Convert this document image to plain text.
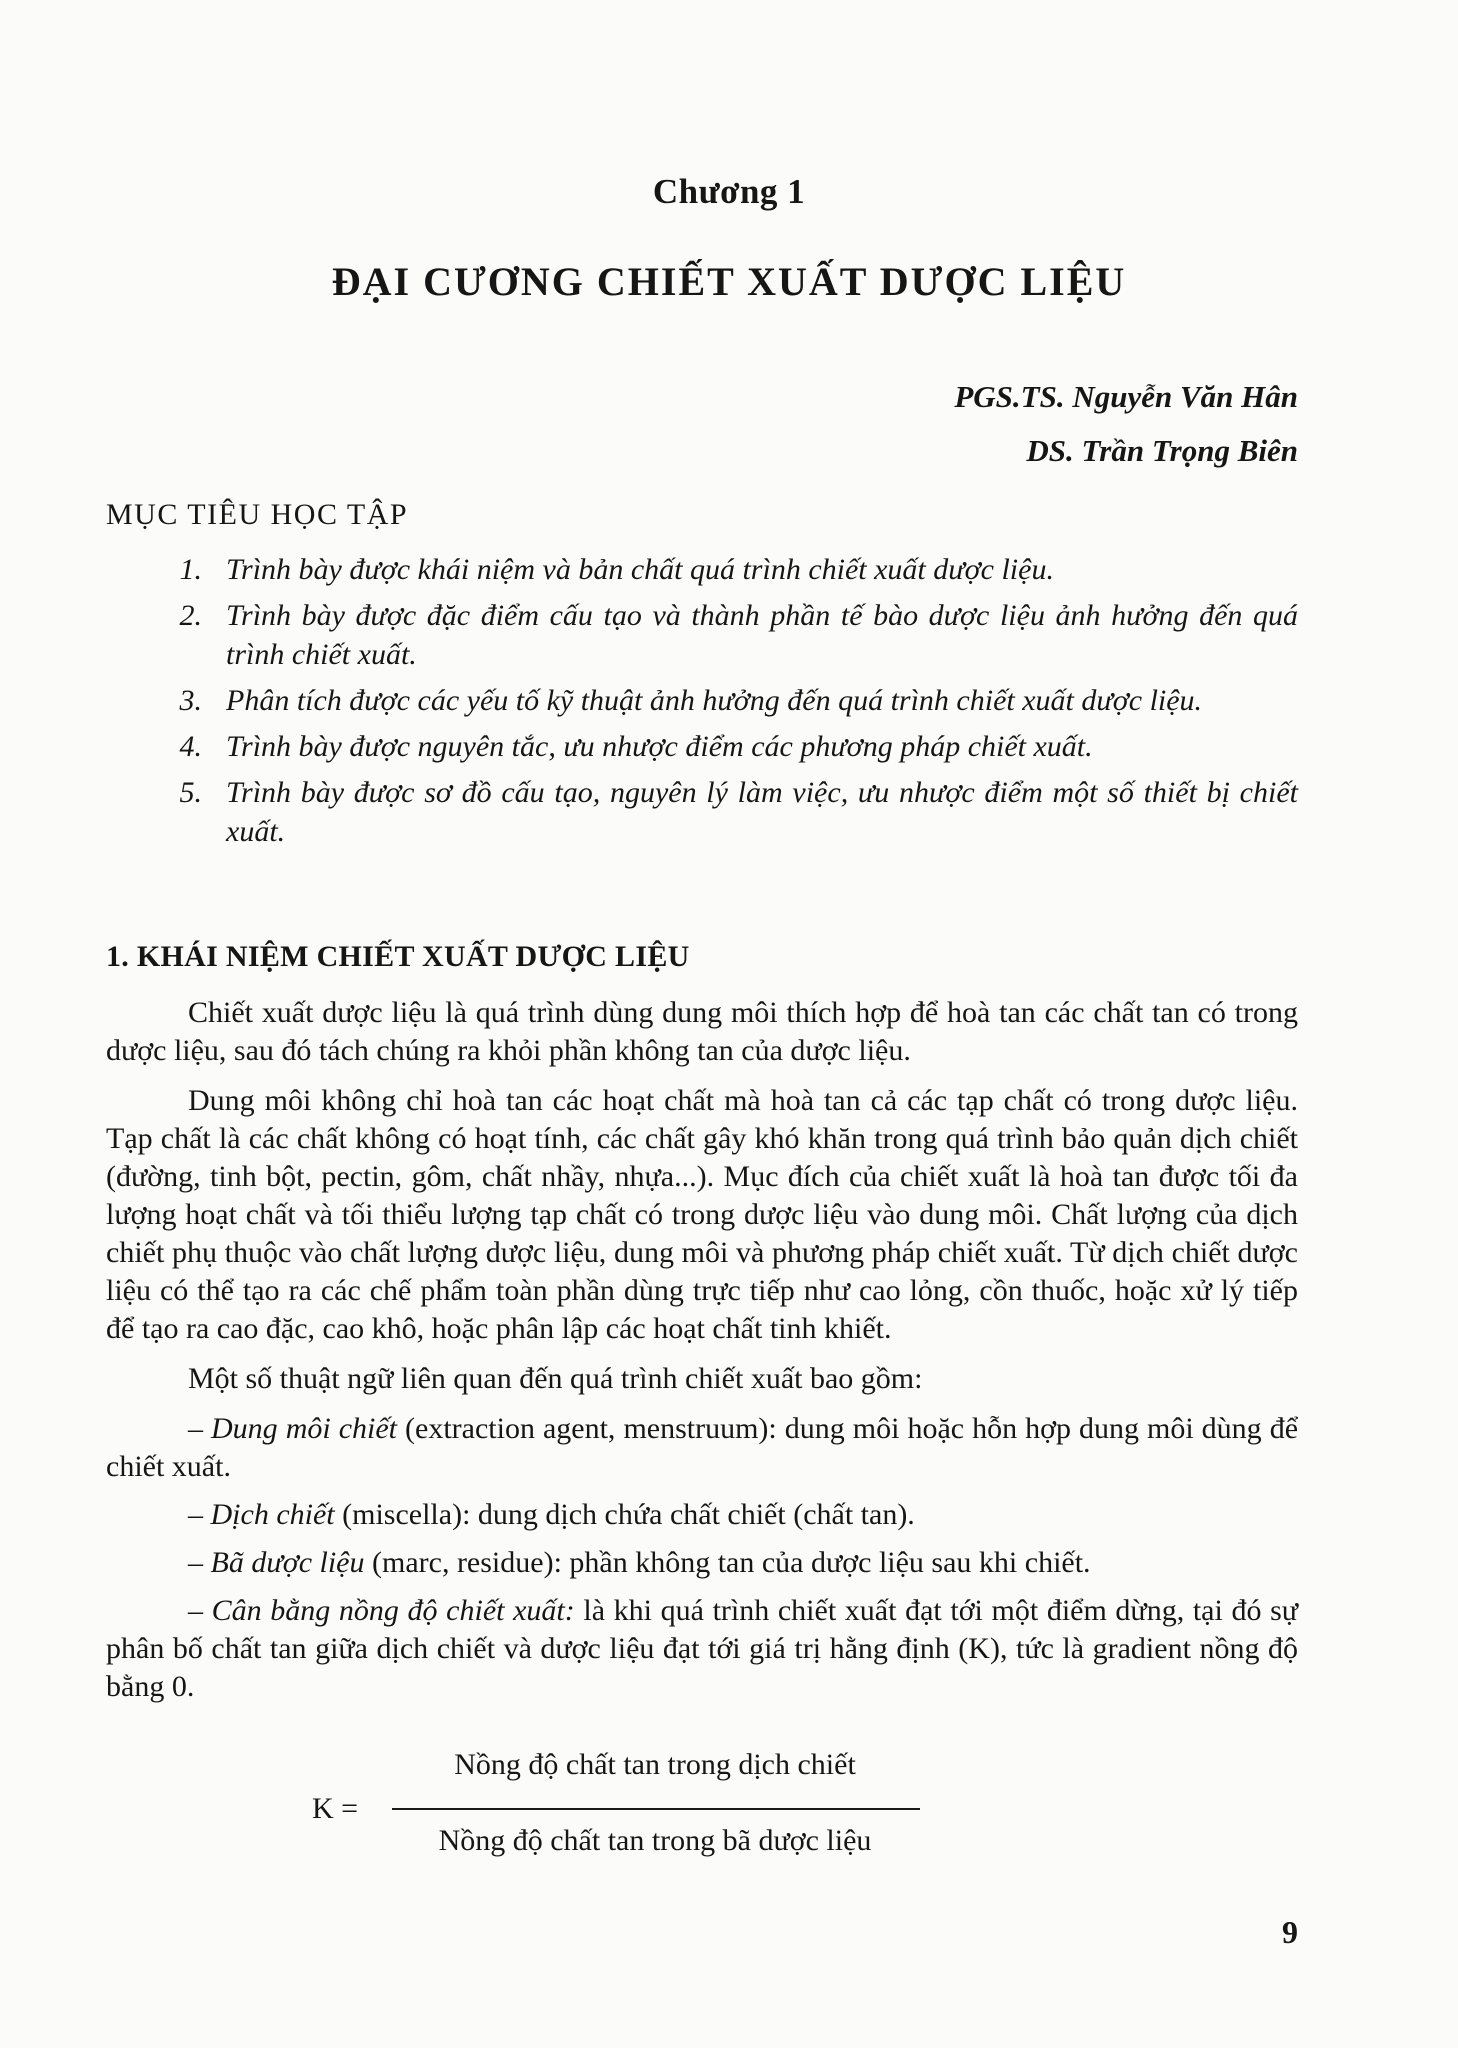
Chương 1
ĐẠI CƯƠNG CHIẾT XUẤT DƯỢC LIỆU
PGS.TS. Nguyễn Văn Hân
DS. Trần Trọng Biên
MỤC TIÊU HỌC TẬP
1. Trình bày được khái niệm và bản chất quá trình chiết xuất dược liệu.
2. Trình bày được đặc điểm cấu tạo và thành phần tế bào dược liệu ảnh hưởng đến quá trình chiết xuất.
3. Phân tích được các yếu tố kỹ thuật ảnh hưởng đến quá trình chiết xuất dược liệu.
4. Trình bày được nguyên tắc, ưu nhược điểm các phương pháp chiết xuất.
5. Trình bày được sơ đồ cấu tạo, nguyên lý làm việc, ưu nhược điểm một số thiết bị chiết xuất.
1. KHÁI NIỆM CHIẾT XUẤT DƯỢC LIỆU

Chiết xuất dược liệu là quá trình dùng dung môi thích hợp để hoà tan các chất tan có trong dược liệu, sau đó tách chúng ra khỏi phần không tan của dược liệu.

Dung môi không chỉ hoà tan các hoạt chất mà hoà tan cả các tạp chất có trong dược liệu. Tạp chất là các chất không có hoạt tính, các chất gây khó khăn trong quá trình bảo quản dịch chiết (đường, tinh bột, pectin, gôm, chất nhầy, nhựa...). Mục đích của chiết xuất là hoà tan được tối đa lượng hoạt chất và tối thiểu lượng tạp chất có trong dược liệu vào dung môi. Chất lượng của dịch chiết phụ thuộc vào chất lượng dược liệu, dung môi và phương pháp chiết xuất. Từ dịch chiết dược liệu có thể tạo ra các chế phẩm toàn phần dùng trực tiếp như cao lỏng, cồn thuốc, hoặc xử lý tiếp để tạo ra cao đặc, cao khô, hoặc phân lập các hoạt chất tinh khiết.

Một số thuật ngữ liên quan đến quá trình chiết xuất bao gồm:

– Dung môi chiết (extraction agent, menstruum): dung môi hoặc hỗn hợp dung môi dùng để chiết xuất.

– Dịch chiết (miscella): dung dịch chứa chất chiết (chất tan).

– Bã dược liệu (marc, residue): phần không tan của dược liệu sau khi chiết.

– Cân bằng nồng độ chiết xuất: là khi quá trình chiết xuất đạt tới một điểm dừng, tại đó sự phân bố chất tan giữa dịch chiết và dược liệu đạt tới giá trị hằng định (K), tức là gradient nồng độ bằng 0.

K =
Nồng độ chất tan trong dịch chiết
Nồng độ chất tan trong bã dược liệu
9
